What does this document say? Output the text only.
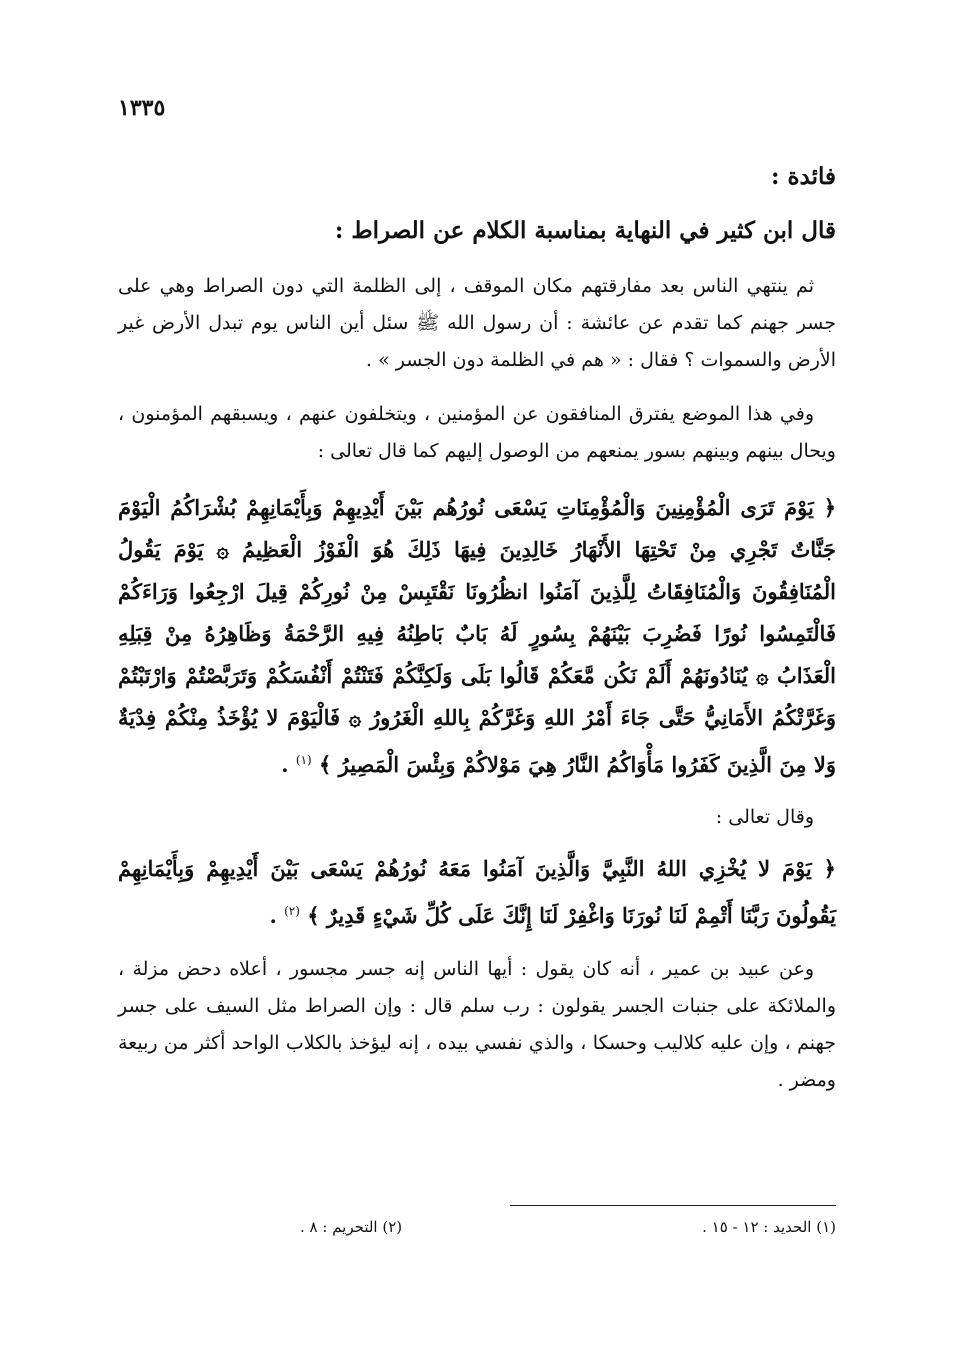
١٣٣٥
فائدة :
قال ابن كثير في النهاية بمناسبة الكلام عن الصراط :

ثم ينتهي الناس بعد مفارقتهم مكان الموقف ، إلى الظلمة التي دون الصراط وهي على جسر جهنم كما تقدم عن عائشة : أن رسول الله ﷺ سئل أين الناس يوم تبدل الأرض غير الأرض والسموات ؟ فقال : « هم في الظلمة دون الجسر » .

وفي هذا الموضع يفترق المنافقون عن المؤمنين ، ويتخلفون عنهم ، ويسبقهم المؤمنون ، ويحال بينهم وبينهم بسور يمنعهم من الوصول إليهم كما قال تعالى :

﴿ يَوْمَ تَرَى الْمُؤْمِنِينَ وَالْمُؤْمِنَاتِ يَسْعَى نُورُهُم بَيْنَ أَيْدِيهِمْ وَبِأَيْمَانِهِمْ بُشْرَاكُمُ الْيَوْمَ جَنَّاتٌ تَجْرِي مِنْ تَحْتِهَا الأَنْهَارُ خَالِدِينَ فِيهَا ذَلِكَ هُوَ الْفَوْزُ الْعَظِيمُ ۞ يَوْمَ يَقُولُ الْمُنَافِقُونَ وَالْمُنَافِقَاتُ لِلَّذِينَ آمَنُوا انظُرُونَا نَقْتَبِسْ مِنْ نُورِكُمْ قِيلَ ارْجِعُوا وَرَاءَكُمْ فَالْتَمِسُوا نُورًا فَضُرِبَ بَيْنَهُمْ بِسُورٍ لَهُ بَابٌ بَاطِنُهُ فِيهِ الرَّحْمَةُ وَظَاهِرُهُ مِنْ قِبَلِهِ الْعَذَابُ ۞ يُنَادُونَهُمْ أَلَمْ نَكُن مَّعَكُمْ قَالُوا بَلَى وَلَكِنَّكُمْ فَتَنْتُمْ أَنْفُسَكُمْ وَتَرَبَّصْتُمْ وَارْتَبْتُمْ وَغَرَّتْكُمُ الأَمَانِيُّ حَتَّى جَاءَ أَمْرُ اللهِ وَغَرَّكُمْ بِاللهِ الْغَرُورُ ۞ فَالْيَوْمَ لا يُؤْخَذُ مِنْكُمْ فِدْيَةٌ وَلا مِنَ الَّذِينَ كَفَرُوا مَأْوَاكُمُ النَّارُ هِيَ مَوْلاكُمْ وَبِئْسَ الْمَصِيرُ ﴾ $^{(١)}$ .

وقال تعالى :

﴿ يَوْمَ لا يُخْزِي اللهُ النَّبِيَّ وَالَّذِينَ آمَنُوا مَعَهُ نُورُهُمْ يَسْعَى بَيْنَ أَيْدِيهِمْ وَبِأَيْمَانِهِمْ يَقُولُونَ رَبَّنَا أَتْمِمْ لَنَا نُورَنَا وَاغْفِرْ لَنَا إِنَّكَ عَلَى كُلِّ شَيْءٍ قَدِيرٌ ﴾ $^{(٢)}$ .

وعن عبيد بن عمير ، أنه كان يقول : أيها الناس إنه جسر مجسور ، أعلاه دحض مزلة ، والملائكة على جنبات الجسر يقولون : رب سلم قال : وإن الصراط مثل السيف على جسر جهنم ، وإن عليه كلاليب وحسكا ، والذي نفسي بيده ، إنه ليؤخذ بالكلاب الواحد أكثر من ربيعة ومضر .

(١) الحديد : ١٢ - ١٥ .
(٢) التحريم : ٨ .
